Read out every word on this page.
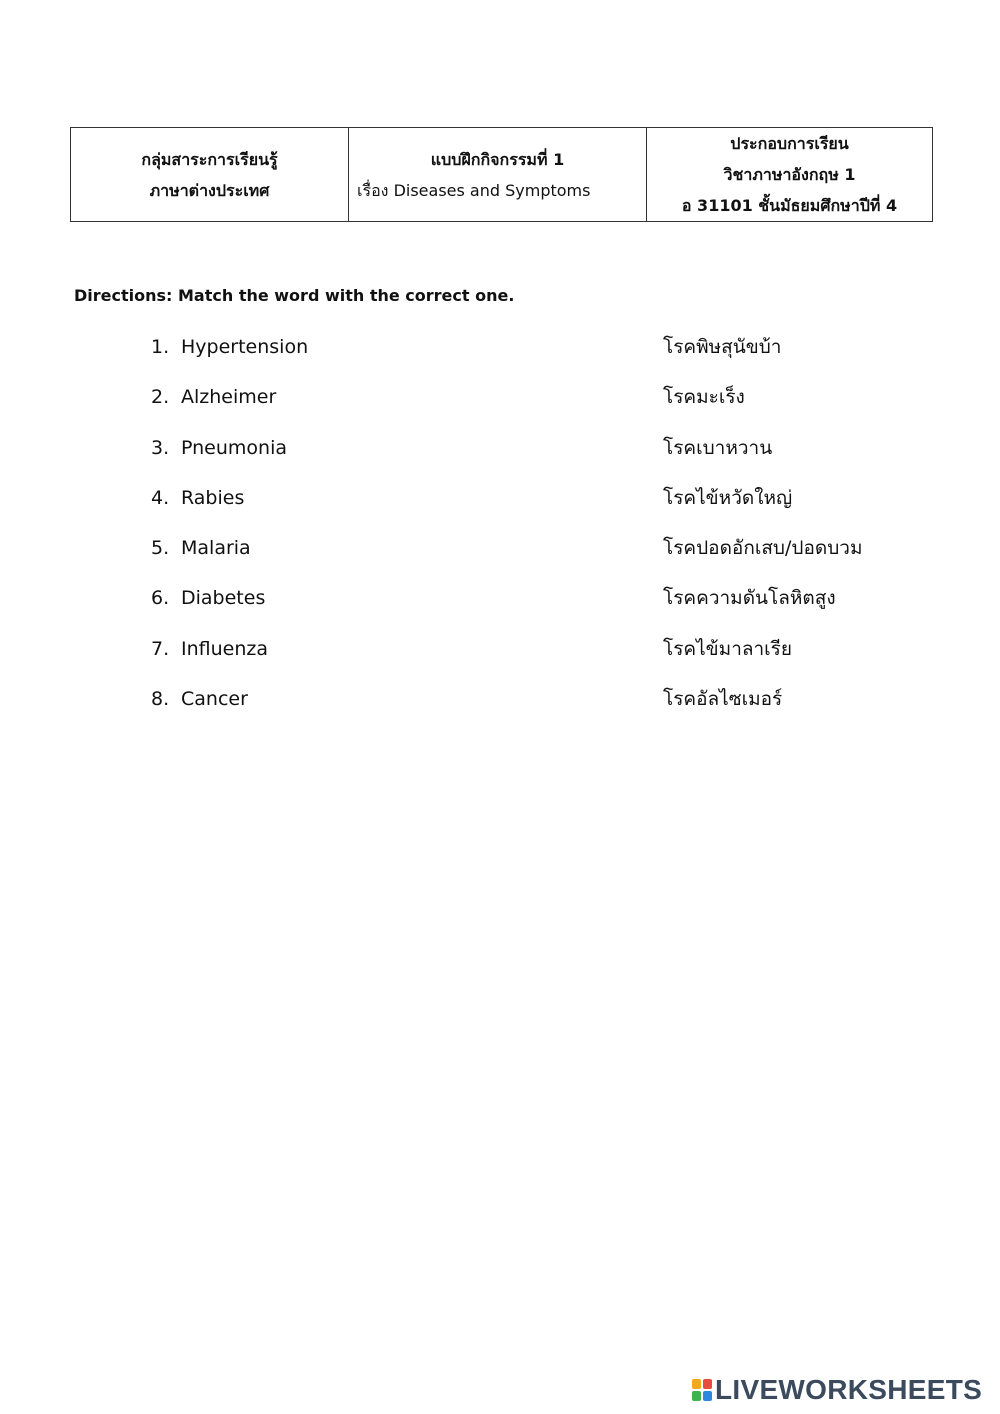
กลุ่มสาระการเรียนรู้
ภาษาต่างประเทศ

แบบฝึกกิจกรรมที่ 1
เรื่อง Diseases and Symptoms

ประกอบการเรียน
วิชาภาษาอังกฤษ 1
อ 31101 ชั้นมัธยมศึกษาปีที่ 4
Directions: Match the word with the correct one.
1. Hypertension	โรคพิษสุนัขบ้า
2. Alzheimer	โรคมะเร็ง
3. Pneumonia	โรคเบาหวาน
4. Rabies	โรคไข้หวัดใหญ่
5. Malaria	โรคปอดอักเสบ/ปอดบวม
6. Diabetes	โรคความดันโลหิตสูง
7. Influenza	โรคไข้มาลาเรีย
8. Cancer	โรคอัลไซเมอร์
LIVEWORKSHEETS
